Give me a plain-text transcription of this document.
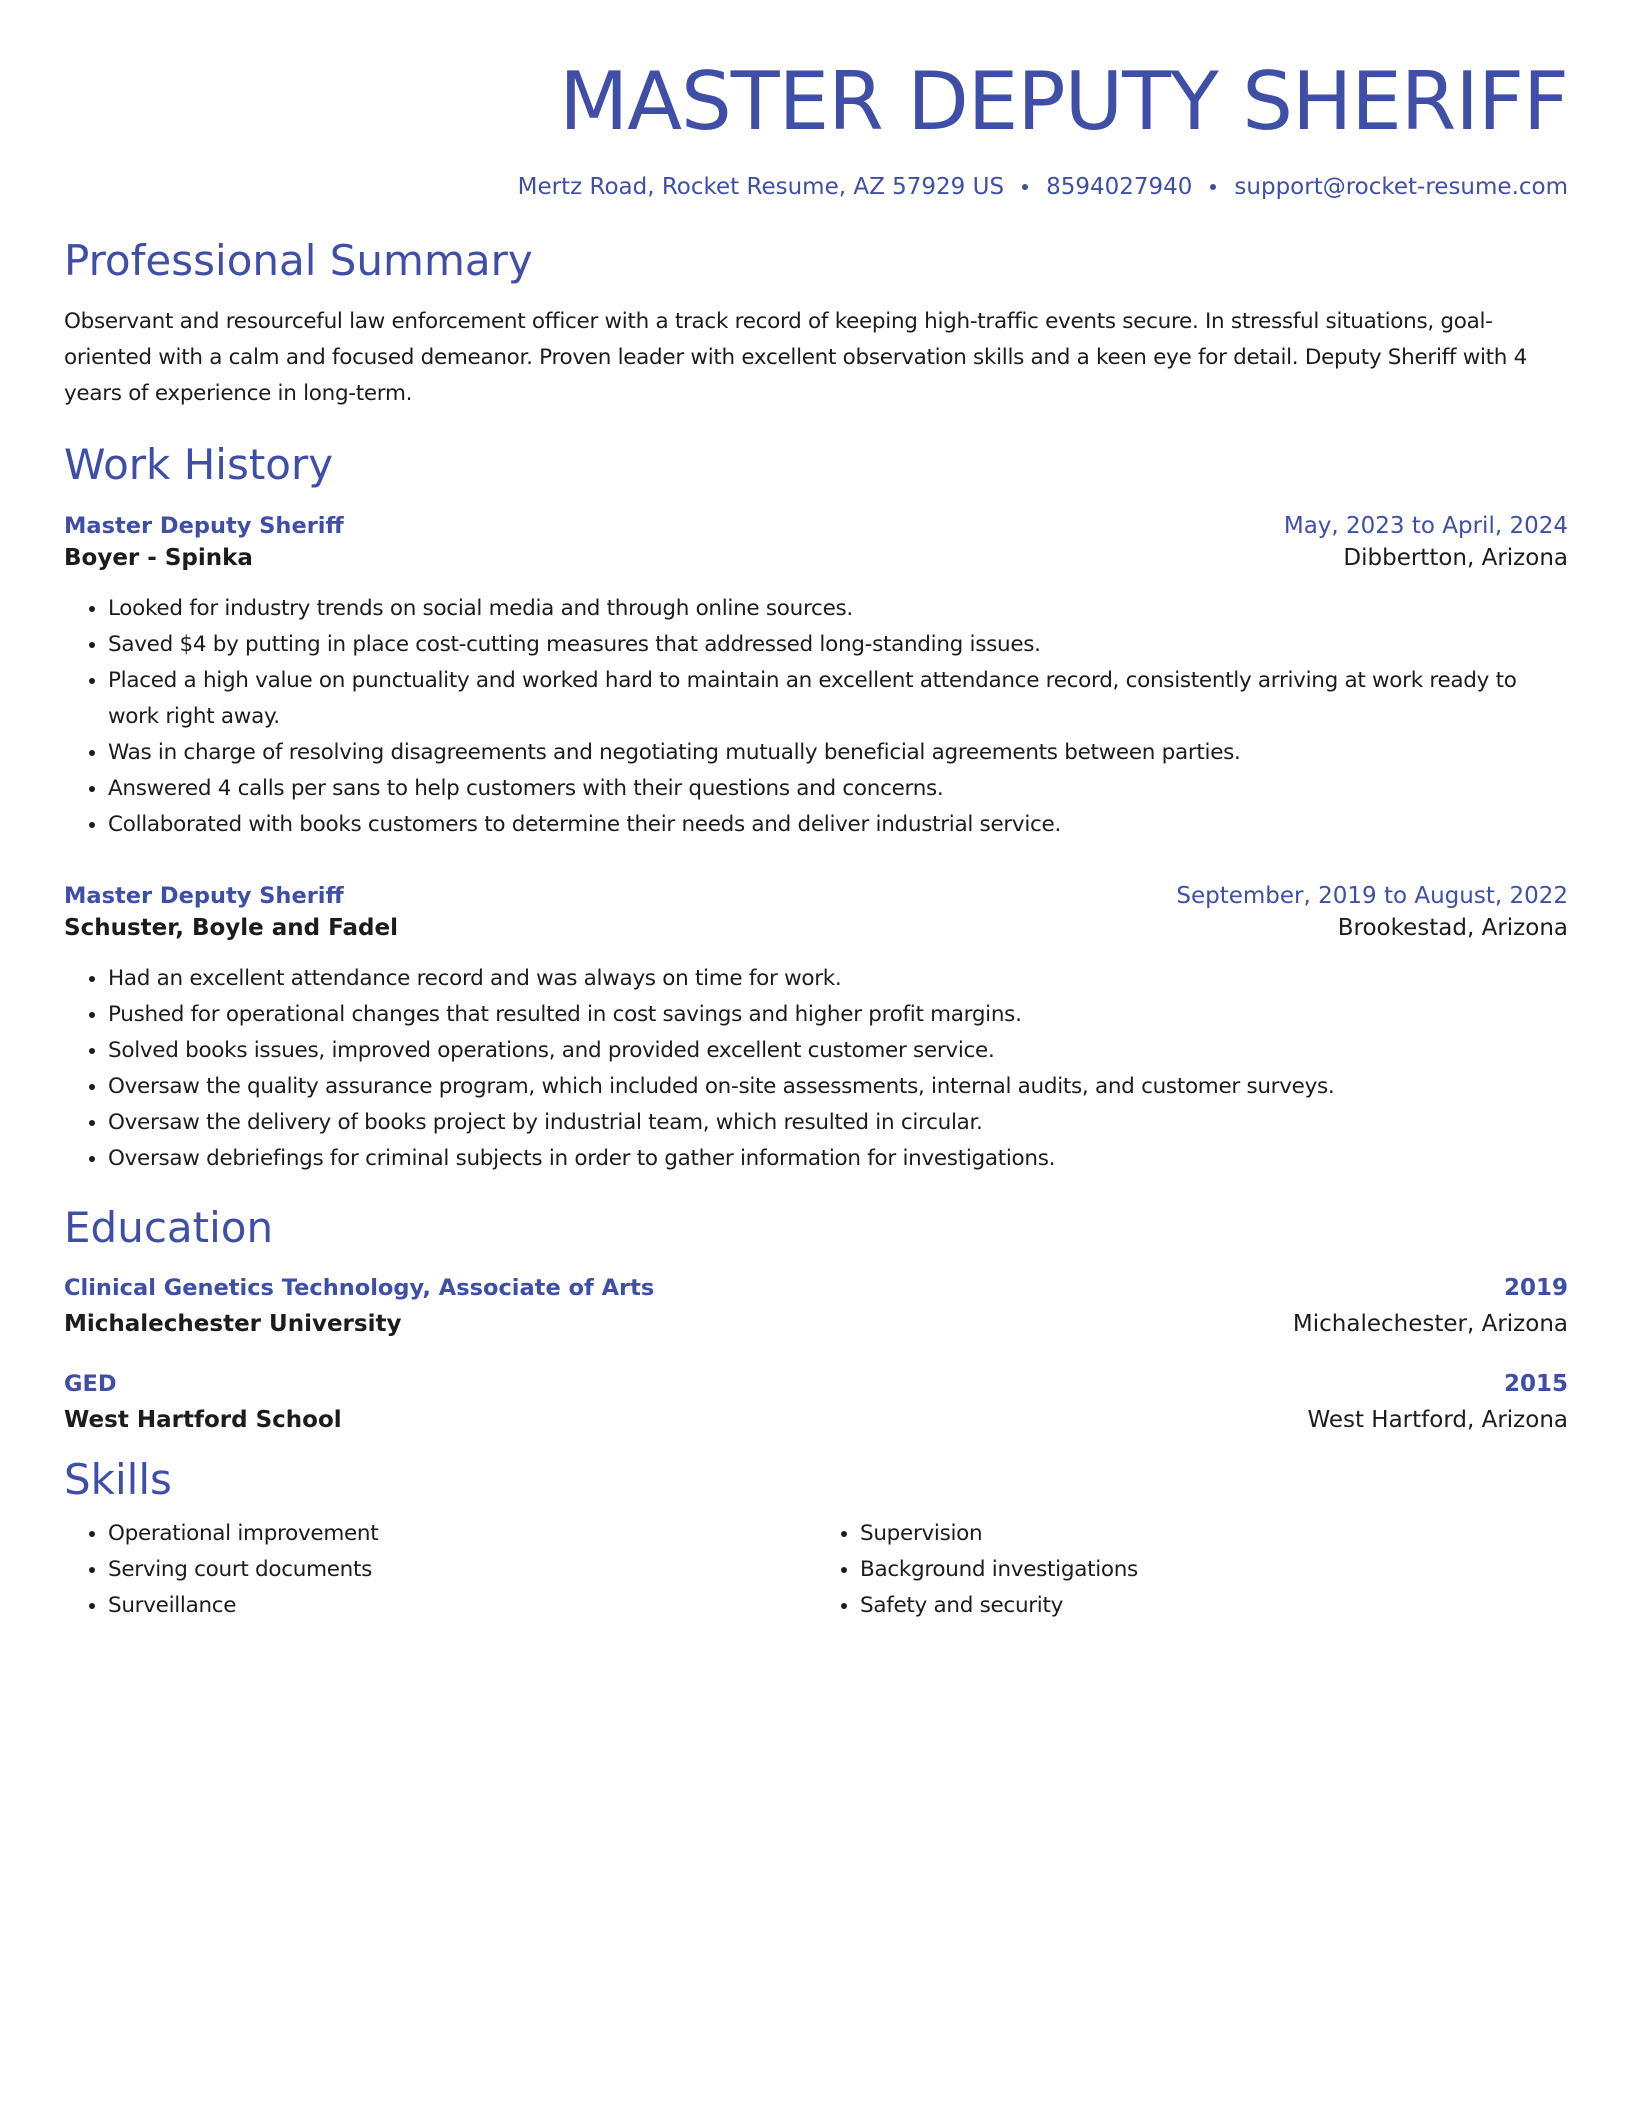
MASTER DEPUTY SHERIFF
Mertz Road, Rocket Resume, AZ 57929 US 8594027940 support@rocket-resume.com
Professional Summary

Observant and resourceful law enforcement officer with a track record of keeping high-traffic events secure. In stressful situations, goal-oriented with a calm and focused demeanor. Proven leader with excellent observation skills and a keen eye for detail. Deputy Sheriff with 4 years of experience in long-term.

Work History
Master Deputy Sheriff	May, 2023 to April, 2024
Boyer - Spinka	Dibbertton, Arizona
• Looked for industry trends on social media and through online sources.
• Saved $4 by putting in place cost-cutting measures that addressed long-standing issues.
• Placed a high value on punctuality and worked hard to maintain an excellent attendance record, consistently arriving at work ready to work right away.
• Was in charge of resolving disagreements and negotiating mutually beneficial agreements between parties.
• Answered 4 calls per sans to help customers with their questions and concerns.
• Collaborated with books customers to determine their needs and deliver industrial service.
Master Deputy Sheriff	September, 2019 to August, 2022
Schuster, Boyle and Fadel	Brookestad, Arizona
• Had an excellent attendance record and was always on time for work.
• Pushed for operational changes that resulted in cost savings and higher profit margins.
• Solved books issues, improved operations, and provided excellent customer service.
• Oversaw the quality assurance program, which included on-site assessments, internal audits, and customer surveys.
• Oversaw the delivery of books project by industrial team, which resulted in circular.
• Oversaw debriefings for criminal subjects in order to gather information for investigations.
Education
Clinical Genetics Technology, Associate of Arts	2019
Michalechester University	Michalechester, Arizona
GED	2015
West Hartford School	West Hartford, Arizona
Skills
• Operational improvement
• Serving court documents
• Surveillance
• Supervision
• Background investigations
• Safety and security
